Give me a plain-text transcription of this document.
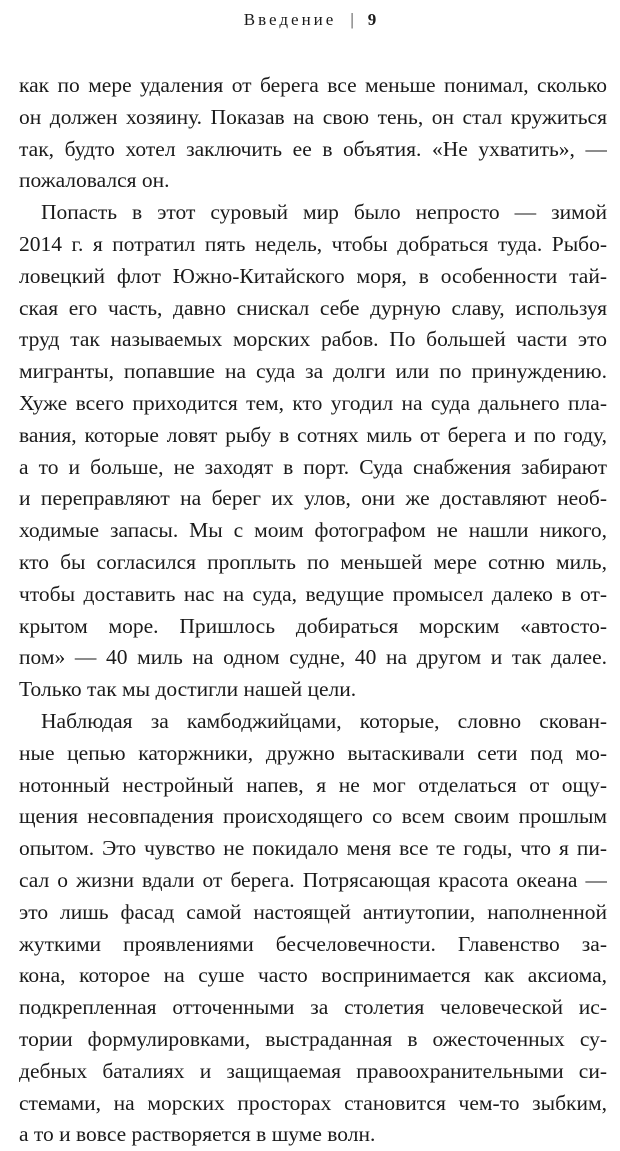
Введение | 9
как по мере удаления от берега все меньше понимал, сколько
он должен хозяину. Показав на свою тень, он стал кружиться
так, будто хотел заключить ее в объятия. «Не ухватить», —
пожаловался он.
Попасть в этот суровый мир было непросто — зимой
2014 г. я потратил пять недель, чтобы добраться туда. Рыбо-
ловецкий флот Южно-Китайского моря, в особенности тай-
ская его часть, давно снискал себе дурную славу, используя
труд так называемых морских рабов. По большей части это
мигранты, попавшие на суда за долги или по принуждению.
Хуже всего приходится тем, кто угодил на суда дальнего пла-
вания, которые ловят рыбу в сотнях миль от берега и по году,
а то и больше, не заходят в порт. Суда снабжения забирают
и переправляют на берег их улов, они же доставляют необ-
ходимые запасы. Мы с моим фотографом не нашли никого,
кто бы согласился проплыть по меньшей мере сотню миль,
чтобы доставить нас на суда, ведущие промысел далеко в от-
крытом море. Пришлось добираться морским «автосто-
пом» — 40 миль на одном судне, 40 на другом и так далее.
Только так мы достигли нашей цели.
Наблюдая за камбоджийцами, которые, словно скован-
ные цепью каторжники, дружно вытаскивали сети под мо-
нотонный нестройный напев, я не мог отделаться от ощу-
щения несовпадения происходящего со всем своим прошлым
опытом. Это чувство не покидало меня все те годы, что я пи-
сал о жизни вдали от берега. Потрясающая красота океана —
это лишь фасад самой настоящей антиутопии, наполненной
жуткими проявлениями бесчеловечности. Главенство за-
кона, которое на суше часто воспринимается как аксиома,
подкрепленная отточенными за столетия человеческой ис-
тории формулировками, выстраданная в ожесточенных су-
дебных баталиях и защищаемая правоохранительными си-
стемами, на морских просторах становится чем-то зыбким,
а то и вовсе растворяется в шуме волн.
